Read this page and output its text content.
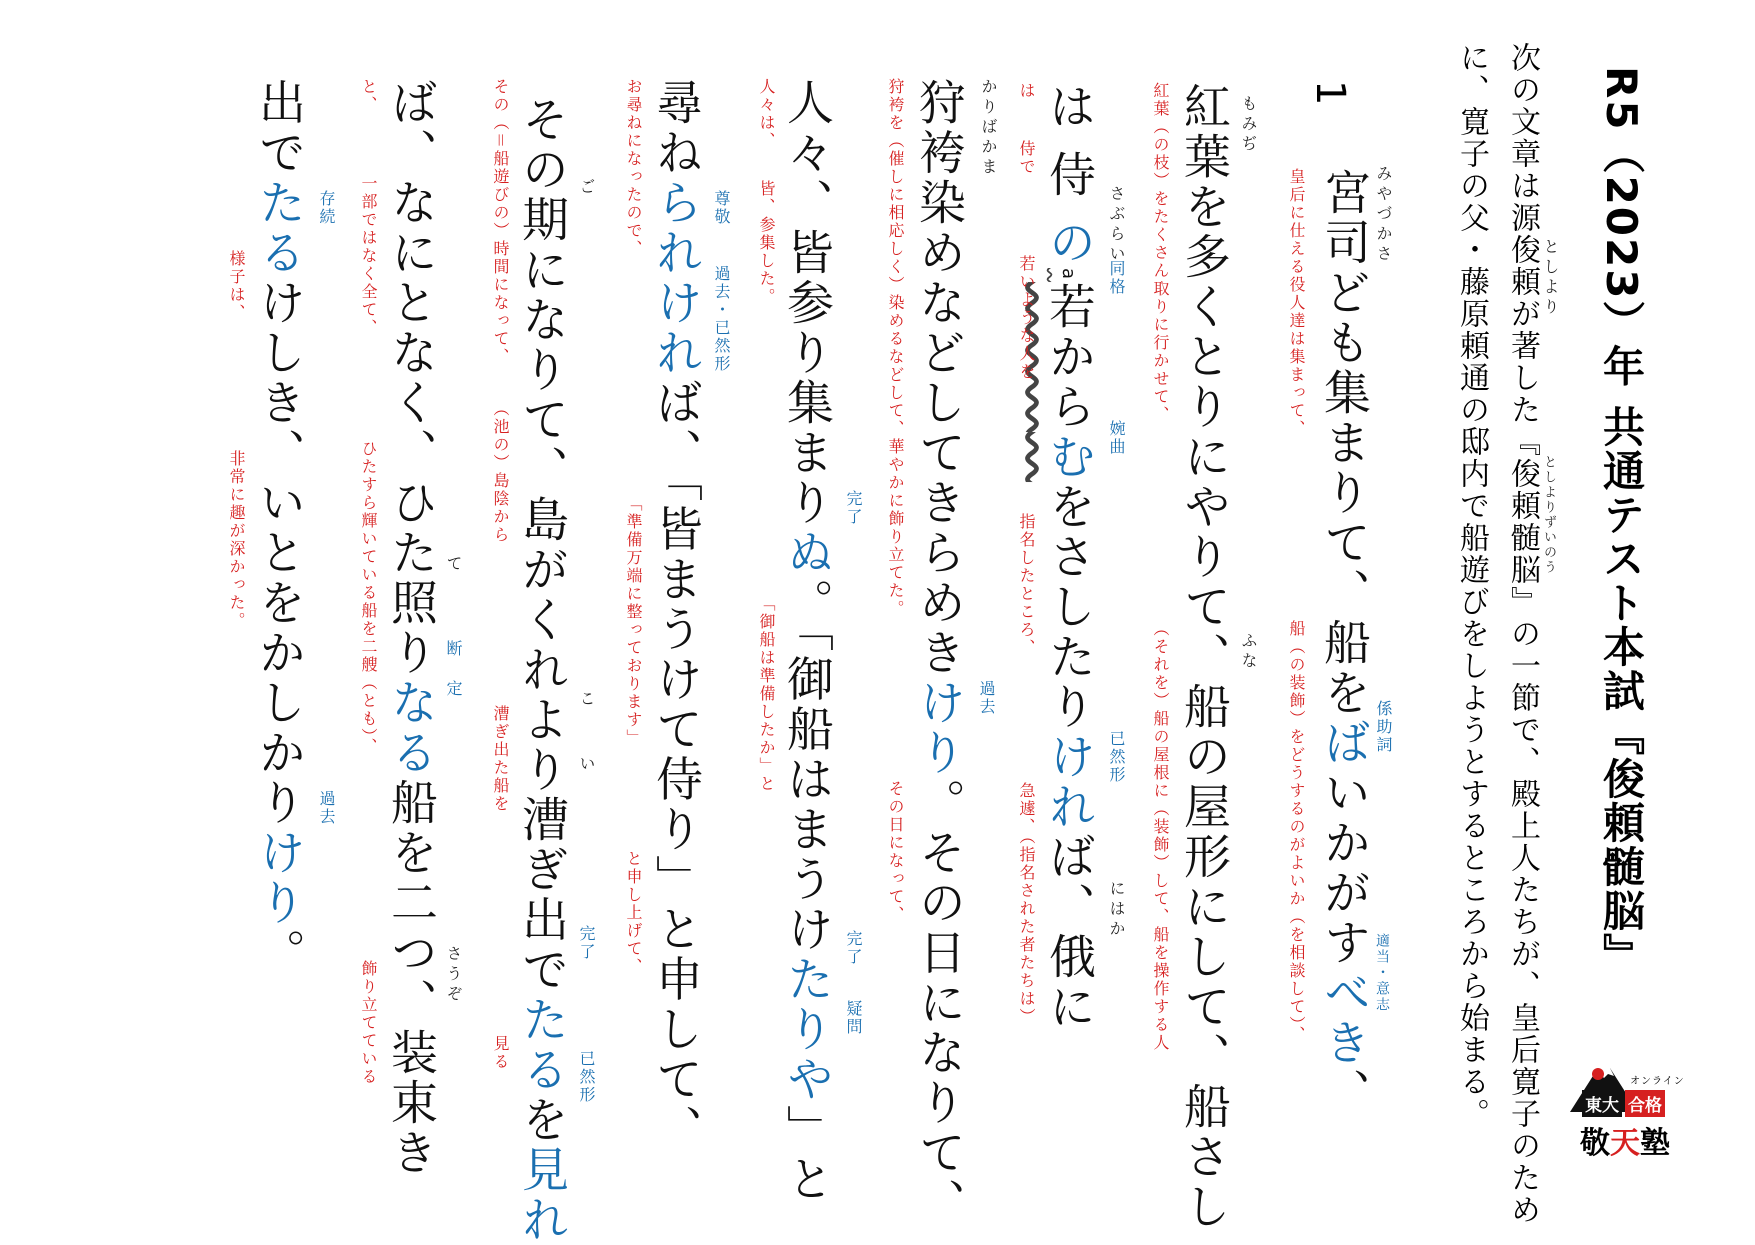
R5（2023）年 共通テスト本試『俊頼髄脳』
次の文章は源俊頼が著した『俊頼髄脳』の一節で、殿上人たちが、皇后寛子のため としより
としよりずいのう
に、寛子の父・藤原頼通の邸内で船遊びをしようとするところから始まる。
1
みやづかさ
宮司ども集まりて、船をばいかがすべき、
皇后に仕える役人達は集まって、
船（の装飾）をどうするのがよいか（を相談して）、	係助詞
適当・意志
もみぢ
ふな
紅葉を多くとりにやりて、船の屋形にして、船さし
紅葉（の枝）をたくさん取りに行かせて、
（それを）船の屋根に（装飾）して、船を操作する人
さぶらい
同格
にはか
は 侍 のa若からむをさしたりければ、俄に
は
侍で
若いような人を
指名したところ、
急遽、（指名された者たちは）
婉曲
已然形
かりばかま
狩袴染めなどしてきらめきけり。その日になりて、
狩袴を（催しに相応しく）染めるなどして、華やかに飾り立てた。
その日になって、
過去
人々、皆参り集まりぬ。「御船はまうけたりや」と
人々は、
皆、参集した。
「御船は準備したか」と
完了
完了
疑問
尋ねられければ、「皆まうけて侍り」と申して、
お尋ねになったので、
「準備万端に整っております」
と申し上げて、
尊敬
過去・已然形
ご
こ
い
その期になりて、島がくれより漕ぎ出でたるを見れ
その（＝船遊びの）時間になって、
（池の）島陰から
漕ぎ出た船を
見る
完了
已然形
て
さうぞ
ば、なにとなく、ひた照りなる船を二つ、装束き
と、
一部ではなく全て、
ひたすら輝いている船を二艘（とも）、
飾り立てている
断
定
出でたるけしき、いとをかしかりけり。
様子は、
非常に趣が深かった。
存続
過去
オンライン
東大 合格
敬天塾
